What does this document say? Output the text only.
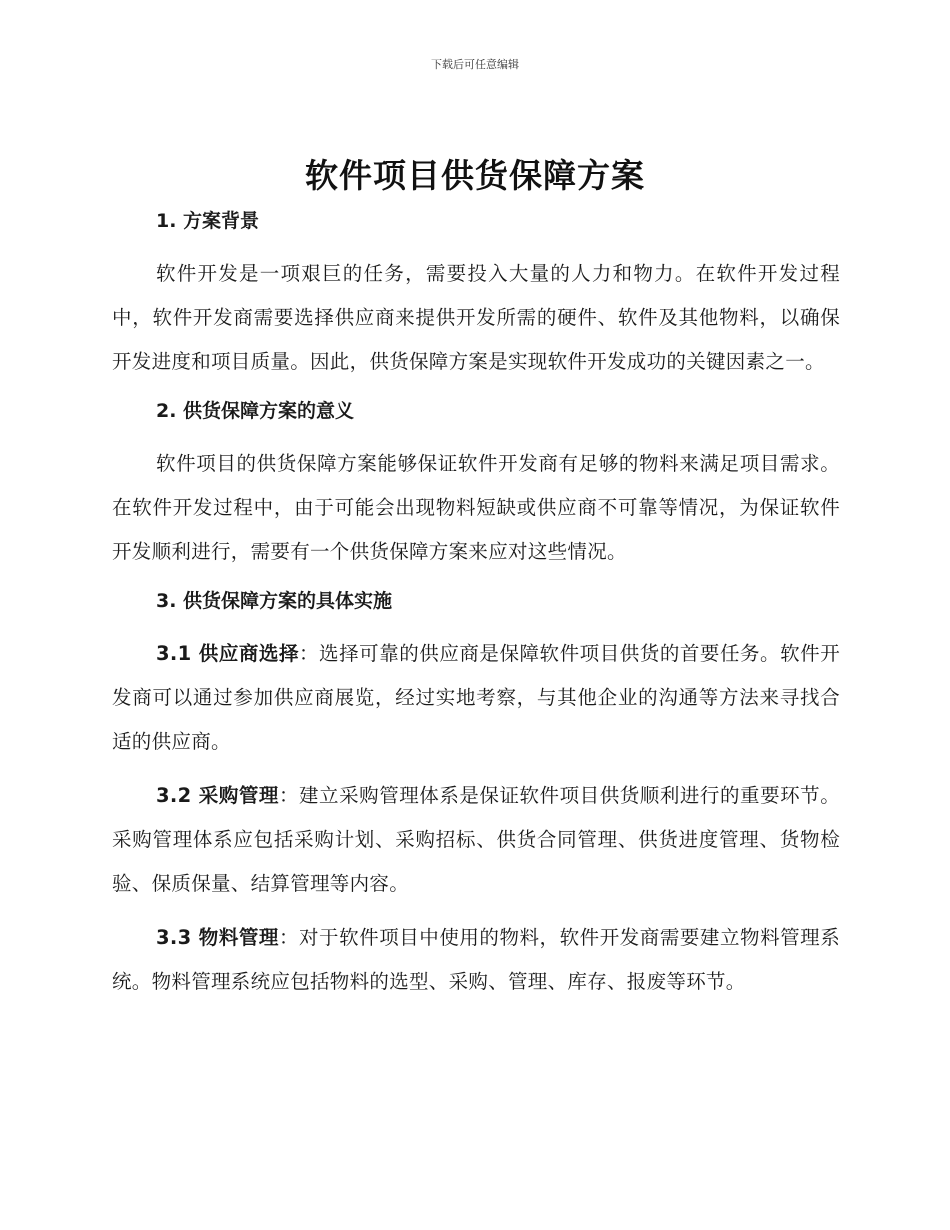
下载后可任意编辑
软件项目供货保障方案
1. 方案背景

软件开发是一项艰巨的任务，需要投入大量的人力和物力。在软件开发过程中，软件开发商需要选择供应商来提供开发所需的硬件、软件及其他物料，以确保开发进度和项目质量。因此，供货保障方案是实现软件开发成功的关键因素之一。

2. 供货保障方案的意义

软件项目的供货保障方案能够保证软件开发商有足够的物料来满足项目需求。在软件开发过程中，由于可能会出现物料短缺或供应商不可靠等情况，为保证软件开发顺利进行，需要有一个供货保障方案来应对这些情况。

3. 供货保障方案的具体实施

3.1 供应商选择：选择可靠的供应商是保障软件项目供货的首要任务。软件开发商可以通过参加供应商展览，经过实地考察，与其他企业的沟通等方法来寻找合适的供应商。

3.2 采购管理：建立采购管理体系是保证软件项目供货顺利进行的重要环节。采购管理体系应包括采购计划、采购招标、供货合同管理、供货进度管理、货物检验、保质保量、结算管理等内容。

3.3 物料管理：对于软件项目中使用的物料，软件开发商需要建立物料管理系统。物料管理系统应包括物料的选型、采购、管理、库存、报废等环节。
